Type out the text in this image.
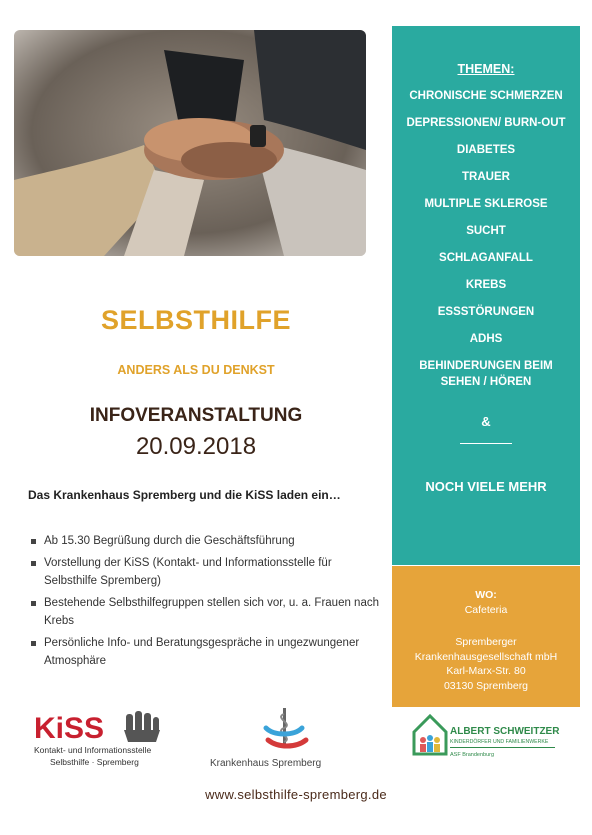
SELBSTHILFE
ANDERS ALS DU DENKST
INFOVERANSTALTUNG
20.09.2018
Das Krankenhaus Spremberg und die KiSS laden ein…
Ab 15.30 Begrüßung durch die Geschäftsführung
Vorstellung der KiSS (Kontakt- und Informationsstelle für Selbsthilfe Spremberg)
Bestehende Selbsthilfegruppen stellen sich vor, u. a. Frauen nach Krebs
Persönliche Info- und Beratungsgespräche in ungezwungener Atmosphäre
THEMEN:
CHRONISCHE SCHMERZEN
DEPRESSIONEN/ BURN-OUT
DIABETES
TRAUER
MULTIPLE SKLEROSE
SUCHT
SCHLAGANFALL
KREBS
ESSSTÖRUNGEN
ADHS
BEHINDERUNGEN BEIM SEHEN / HÖREN
&
NOCH VIELE MEHR
WO:
Cafeteria
Spremberger
Krankenhausgesellschaft mbH
Karl-Marx-Str. 80
03130 Spremberg
KiSS
Kontakt- und Informationsstelle
Selbsthilfe · Spremberg	Krankenhaus Spremberg
ALBERT SCHWEITZER
KINDERDÖRFER UND FAMILIENWERKE
ASF Brandenburg
www.selbsthilfe-spremberg.de
